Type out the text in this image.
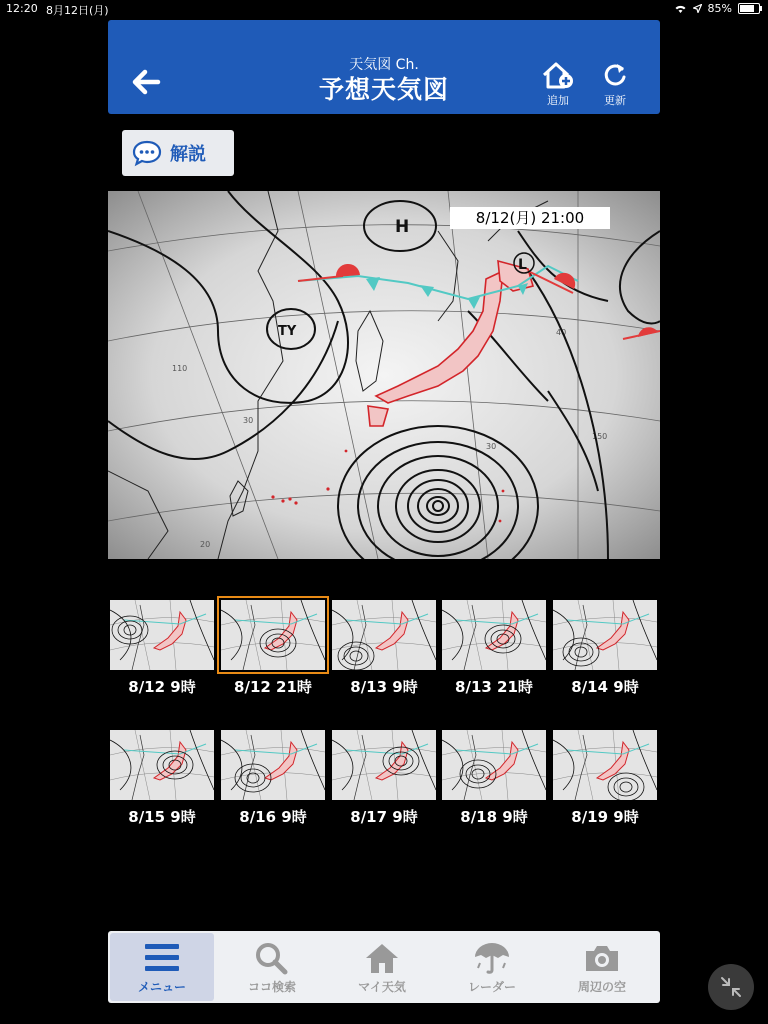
12:20 8月12日(月)	85%
天気図 Ch.
予想天気図	追加	更新
解説
110
30
40
30
150
20
H
L
TY
8/12(月) 21:00
8/12 9時	8/12 21時	8/13 9時	8/13 21時	8/14 9時
8/15 9時	8/16 9時	8/17 9時	8/18 9時	8/19 9時
メニュー	ココ検索	マイ天気	レーダー	周辺の空
